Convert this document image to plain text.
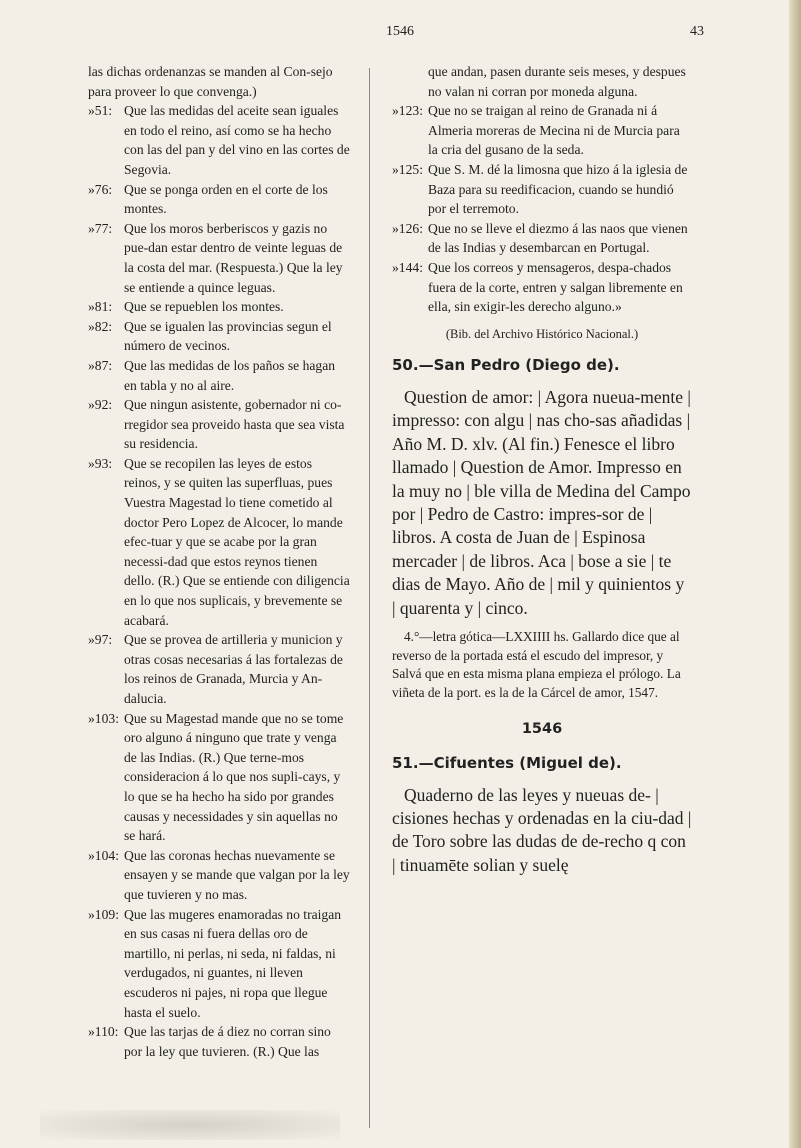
1546	43

las dichas ordenanzas se manden al Con-sejo para proveer lo que convenga.)

»51: Que las medidas del aceite sean iguales en todo el reino, así como se ha hecho con las del pan y del vino en las cortes de Segovia.
»76: Que se ponga orden en el corte de los montes.
»77: Que los moros berberiscos y gazis no pue-dan estar dentro de veinte leguas de la costa del mar. (Respuesta.) Que la ley se entiende a quince leguas.
»81: Que se repueblen los montes.
»82: Que se igualen las provincias segun el número de vecinos.
»87: Que las medidas de los paños se hagan en tabla y no al aire.
»92: Que ningun asistente, gobernador ni co-rregidor sea proveido hasta que sea vista su residencia.
»93: Que se recopilen las leyes de estos reinos, y se quiten las superfluas, pues Vuestra Magestad lo tiene cometido al doctor Pero Lopez de Alcocer, lo mande efec-tuar y que se acabe por la gran necessi-dad que estos reynos tienen dello. (R.) Que se entiende con diligencia en lo que nos suplicais, y brevemente se acabará.
»97: Que se provea de artilleria y municion y otras cosas necesarias á las fortalezas de los reinos de Granada, Murcia y An-dalucia.
»103: Que su Magestad mande que no se tome oro alguno á ninguno que trate y venga de las Indias. (R.) Que terne-mos consideracion á lo que nos supli-cays, y lo que se ha hecho ha sido por grandes causas y necessidades y sin aquellas no se hará.
»104: Que las coronas hechas nuevamente se ensayen y se mande que valgan por la ley que tuvieren y no mas.
»109: Que las mugeres enamoradas no traigan en sus casas ni fuera dellas oro de martillo, ni perlas, ni seda, ni faldas, ni verdugados, ni guantes, ni lleven escuderos ni pajes, ni ropa que llegue hasta el suelo.
»110: Que las tarjas de á diez no corran sino por la ley que tuvieren. (R.) Que las

que andan, pasen durante seis meses, y despues no valan ni corran por moneda alguna.

»123: Que no se traigan al reino de Granada ni á Almeria moreras de Mecina ni de Murcia para la cria del gusano de la seda.
»125: Que S. M. dé la limosna que hizo á la iglesia de Baza para su reedificacion, cuando se hundió por el terremoto.
»126: Que no se lleve el diezmo á las naos que vienen de las Indias y desembarcan en Portugal.
»144: Que los correos y mensageros, despa-chados fuera de la corte, entren y salgan libremente en ella, sin exigir-les derecho alguno.»
(Bib. del Archivo Histórico Nacional.)
50.—San Pedro (Diego de).

Question de amor: | Agora nueua-mente | impresso: con algu | nas cho-sas añadidas | Año M. D. xlv. (Al fin.) Fenesce el libro llamado | Question de Amor. Impresso en la muy no | ble villa de Medina del Campo por | Pedro de Castro: impres-sor de | libros. A costa de Juan de | Espinosa mercader | de libros. Aca | bose a sie | te dias de Mayo. Año de | mil y quinientos y | quarenta y | cinco.

4.°—letra gótica—LXXIIII hs. Gallardo dice que al reverso de la portada está el escudo del impresor, y Salvá que en esta misma plana empieza el prólogo. La viñeta de la port. es la de la Cárcel de amor, 1547.

1546
51.—Cifuentes (Miguel de).

Quaderno de las leyes y nueuas de- | cisiones hechas y ordenadas en la ciu-dad | de Toro sobre las dudas de de-recho q con | tinuamēte solian y suelę
